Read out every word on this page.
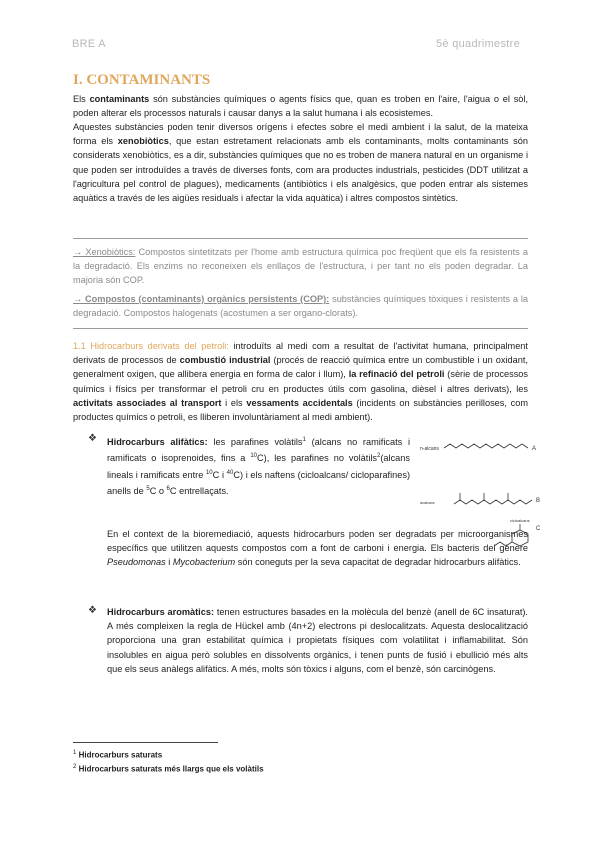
BRE A	5è quadrimestre
I. CONTAMINANTS
Els contaminants són substàncies químiques o agents físics que, quan es troben en l'aire, l'aigua o el sòl, poden alterar els processos naturals i causar danys a la salut humana i als ecosistemes.
Aquestes substàncies poden tenir diversos orígens i efectes sobre el medi ambient i la salut, de la mateixa forma els xenobiòtics, que estan estretament relacionats amb els contaminants, molts contaminants són considerats xenobiòtics, es a dir, substàncies químiques que no es troben de manera natural en un organisme i que poden ser introduïdes a través de diverses fonts, com ara productes industrials, pesticides (DDT utilitzat a l'agricultura pel control de plagues), medicaments (antibiòtics i els analgèsics, que poden entrar als sistemes aquàtics a través de les aigües residuals i afectar la vida aquàtica) i altres compostos sintètics.
→ Xenobiòtics: Compostos sintetitzats per l'home amb estructura química poc freqüent que els fa resistents a la degradació. Els enzims no reconeixen els enllaços de l'estructura, i per tant no els poden degradar. La majoria són COP.
→ Compostos (contaminants) orgànics persistents (COP): substàncies químiques tòxiques i resistents a la degradació. Compostos halogenats (acostumen a ser organo-clorats).
1.1 Hidrocarburs derivats del petroli: introduïts al medi com a resultat de l'activitat humana, principalment derivats de processos de combustió industrial (procés de reacció química entre un combustible i un oxidant, generalment oxigen, que allibera energia en forma de calor i llum), la refinació del petroli (sèrie de processos químics i físics per transformar el petroli cru en productes útils com gasolina, dièsel i altres derivats), les activitats associades al transport i els vessaments accidentals (incidents on substàncies perilloses, com productes químics o petroli, es lliberen involuntàriament al medi ambient).
❖ Hidrocarburs alifàtics: les parafines volàtils$^1$ (alcans no ramificats i ramificats o isoprenoides, fins a $^{10}$C), les parafines no volàtils$^2$(alcans lineals i ramificats entre $^{10}$C i $^{40}$C) i els naftens (cicloalcans/ cicloparafines) anells de $^5$C o $^6$C entrellaçats.
En el context de la bioremediació, aquests hidrocarburs poden ser degradats per microorganismes específics que utilitzen aquests compostos com a font de carboni i energia. Els bacteris del gènere Pseudomonas i Mycobacterium són coneguts per la seva capacitat de degradar hidrocarburs alifàtics.
n-alcans	A
isoalcans	B
cicloalcans
C
❖ Hidrocarburs aromàtics: tenen estructures basades en la molècula del benzè (anell de 6C insaturat). A més compleixen la regla de Hückel amb (4n+2) electrons pi deslocalitzats. Aquesta deslocalització proporciona una gran estabilitat química i propietats físiques com volatilitat i inflamabilitat. Són insolubles en aigua però solubles en dissolvents orgànics, i tenen punts de fusió i ebullició més alts que els seus anàlegs alifàtics. A més, molts són tòxics i alguns, com el benzè, són carcinògens.
$^1$ Hidrocarburs saturats
$^2$ Hidrocarburs saturats més llargs que els volàtils
